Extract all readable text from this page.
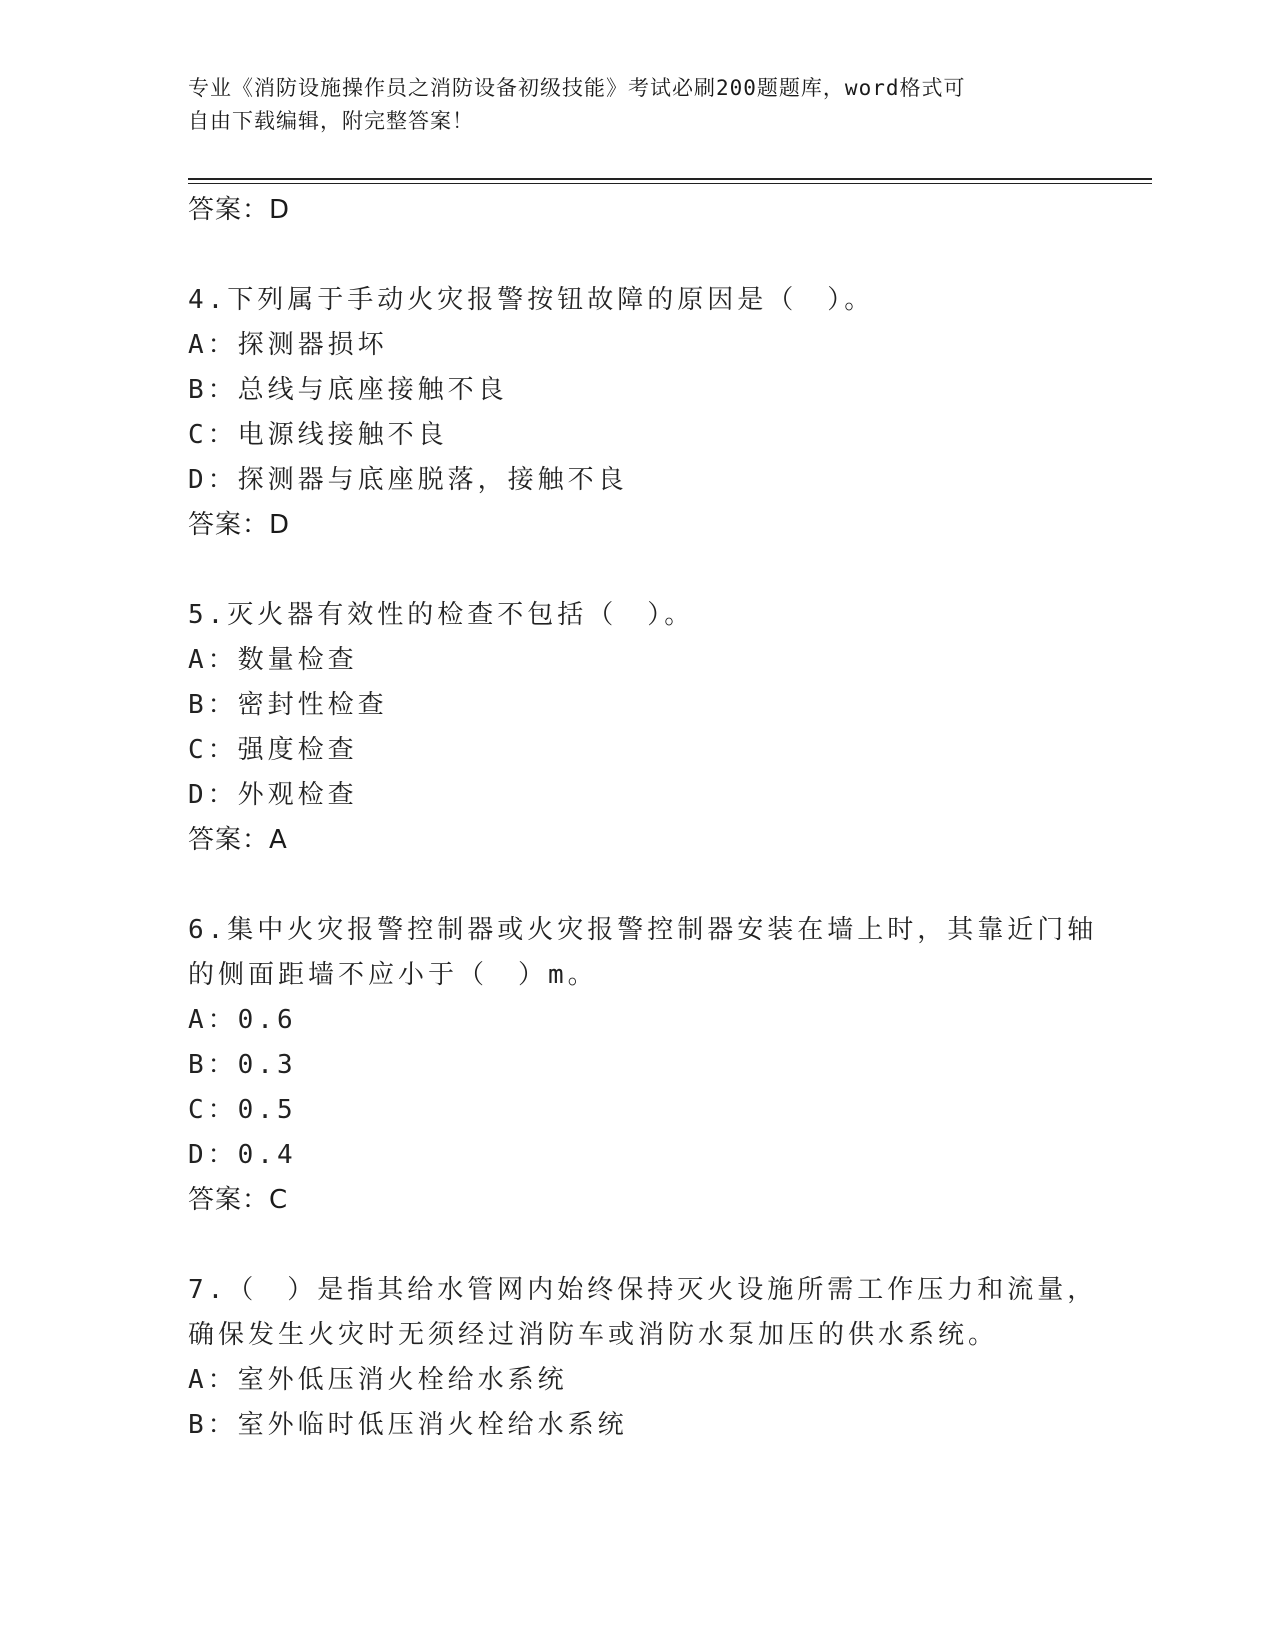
专业《消防设施操作员之消防设备初级技能》考试必刷200题题库，word格式可
自由下载编辑，附完整答案！
答案：D
4.下列属于手动火灾报警按钮故障的原因是（　）。
A：探测器损坏
B：总线与底座接触不良
C：电源线接触不良
D：探测器与底座脱落，接触不良
答案：D
5.灭火器有效性的检查不包括（　）。
A：数量检查
B：密封性检查
C：强度检查
D：外观检查
答案：A
6.集中火灾报警控制器或火灾报警控制器安装在墙上时，其靠近门轴
的侧面距墙不应小于（　）m。
A：0.6
B：0.3
C：0.5
D：0.4
答案：C
7.（　）是指其给水管网内始终保持灭火设施所需工作压力和流量，
确保发生火灾时无须经过消防车或消防水泵加压的供水系统。
A：室外低压消火栓给水系统
B：室外临时低压消火栓给水系统
